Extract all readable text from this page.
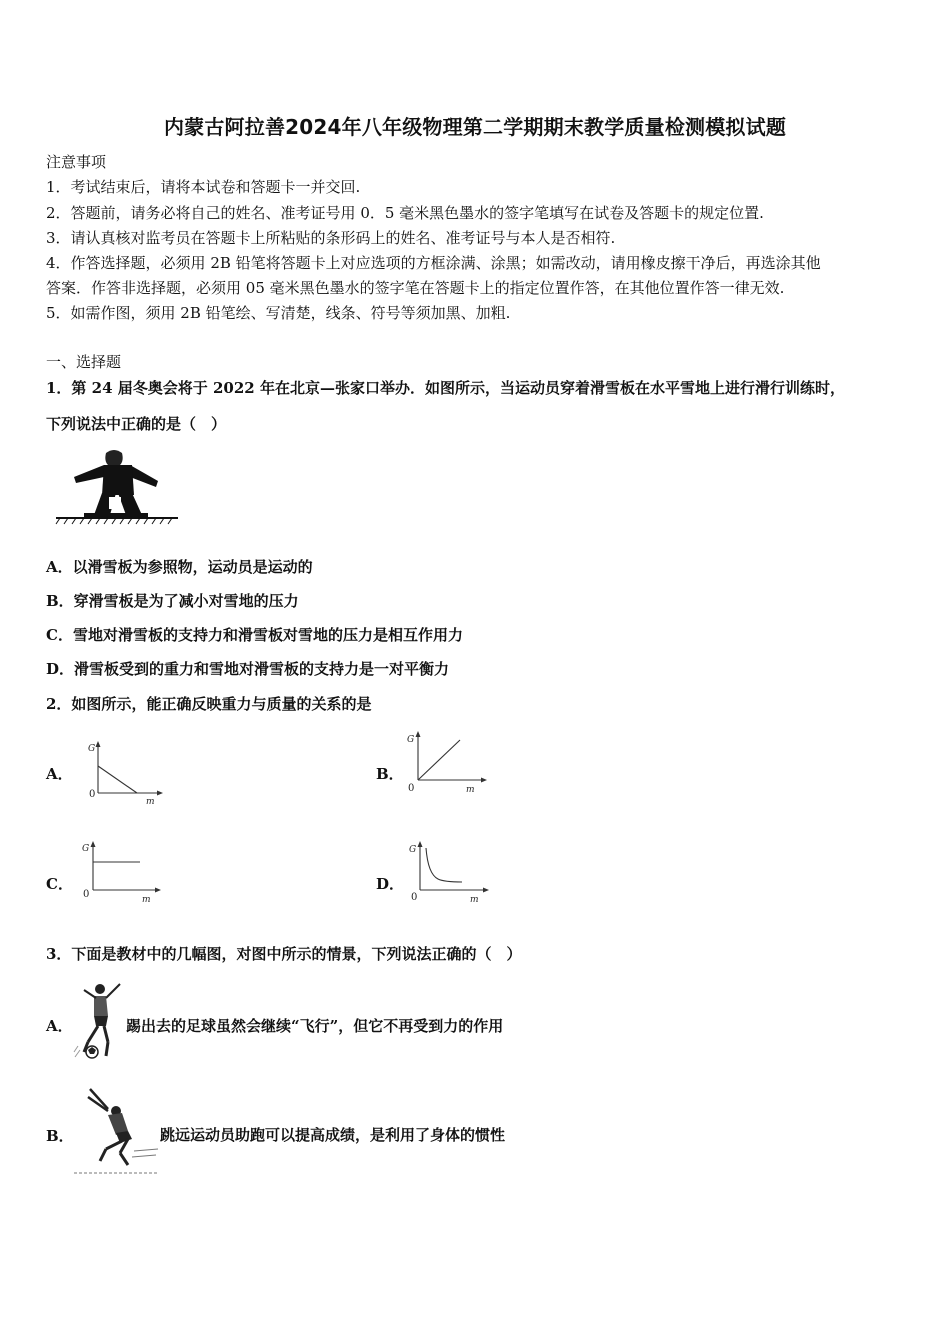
内蒙古阿拉善2024年八年级物理第二学期期末教学质量检测模拟试题
注意事项
1．考试结束后，请将本试卷和答题卡一并交回.
2．答题前，请务必将自己的姓名、准考证号用 0．5 毫米黑色墨水的签字笔填写在试卷及答题卡的规定位置.
3．请认真核对监考员在答题卡上所粘贴的条形码上的姓名、准考证号与本人是否相符.
4．作答选择题，必须用 2B 铅笔将答题卡上对应选项的方框涂满、涂黑；如需改动，请用橡皮擦干净后，再选涂其他
答案．作答非选择题，必须用 05 毫米黑色墨水的签字笔在答题卡上的指定位置作答，在其他位置作答一律无效.
5．如需作图，须用 2B 铅笔绘、写清楚，线条、符号等须加黑、加粗.
一、选择题
1．第 24 届冬奥会将于 2022 年在北京—张家口举办．如图所示，当运动员穿着滑雪板在水平雪地上进行滑行训练时，
下列说法中正确的是（　）
A．以滑雪板为参照物，运动员是运动的
B．穿滑雪板是为了减小对雪地的压力
C．雪地对滑雪板的支持力和滑雪板对雪地的压力是相互作用力
D．滑雪板受到的重力和雪地对滑雪板的支持力是一对平衡力
2．如图所示，能正确反映重力与质量的关系的是
A．
G
0
m
B．
G
0	m
C．
G
0	m
D．
G
0	m
3．下面是教材中的几幅图，对图中所示的情景，下列说法正确的（　）
A．	踢出去的足球虽然会继续“飞行”，但它不再受到力的作用
B．	跳远运动员助跑可以提高成绩，是利用了身体的惯性
